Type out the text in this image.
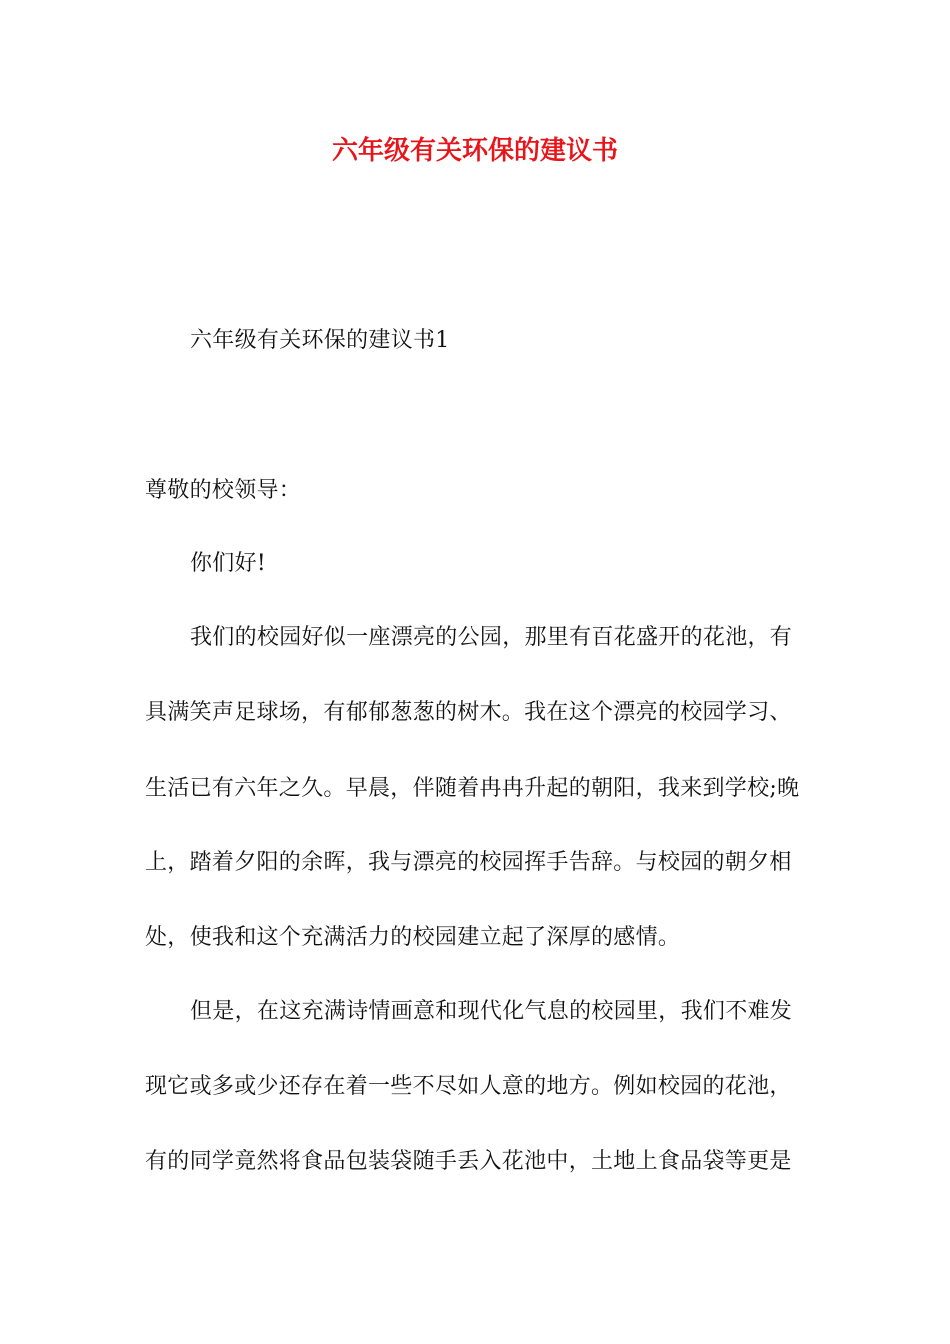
六年级有关环保的建议书
六年级有关环保的建议书1
尊敬的校领导：
你们好!
我们的校园好似一座漂亮的公园，那里有百花盛开的花池，有
具满笑声足球场，有郁郁葱葱的树木。我在这个漂亮的校园学习、
生活已有六年之久。早晨，伴随着冉冉升起的朝阳，我来到学校;晚
上，踏着夕阳的余晖，我与漂亮的校园挥手告辞。与校园的朝夕相
处，使我和这个充满活力的校园建立起了深厚的感情。
但是，在这充满诗情画意和现代化气息的校园里，我们不难发
现它或多或少还存在着一些不尽如人意的地方。例如校园的花池，
有的同学竟然将食品包装袋随手丢入花池中，土地上食品袋等更是
